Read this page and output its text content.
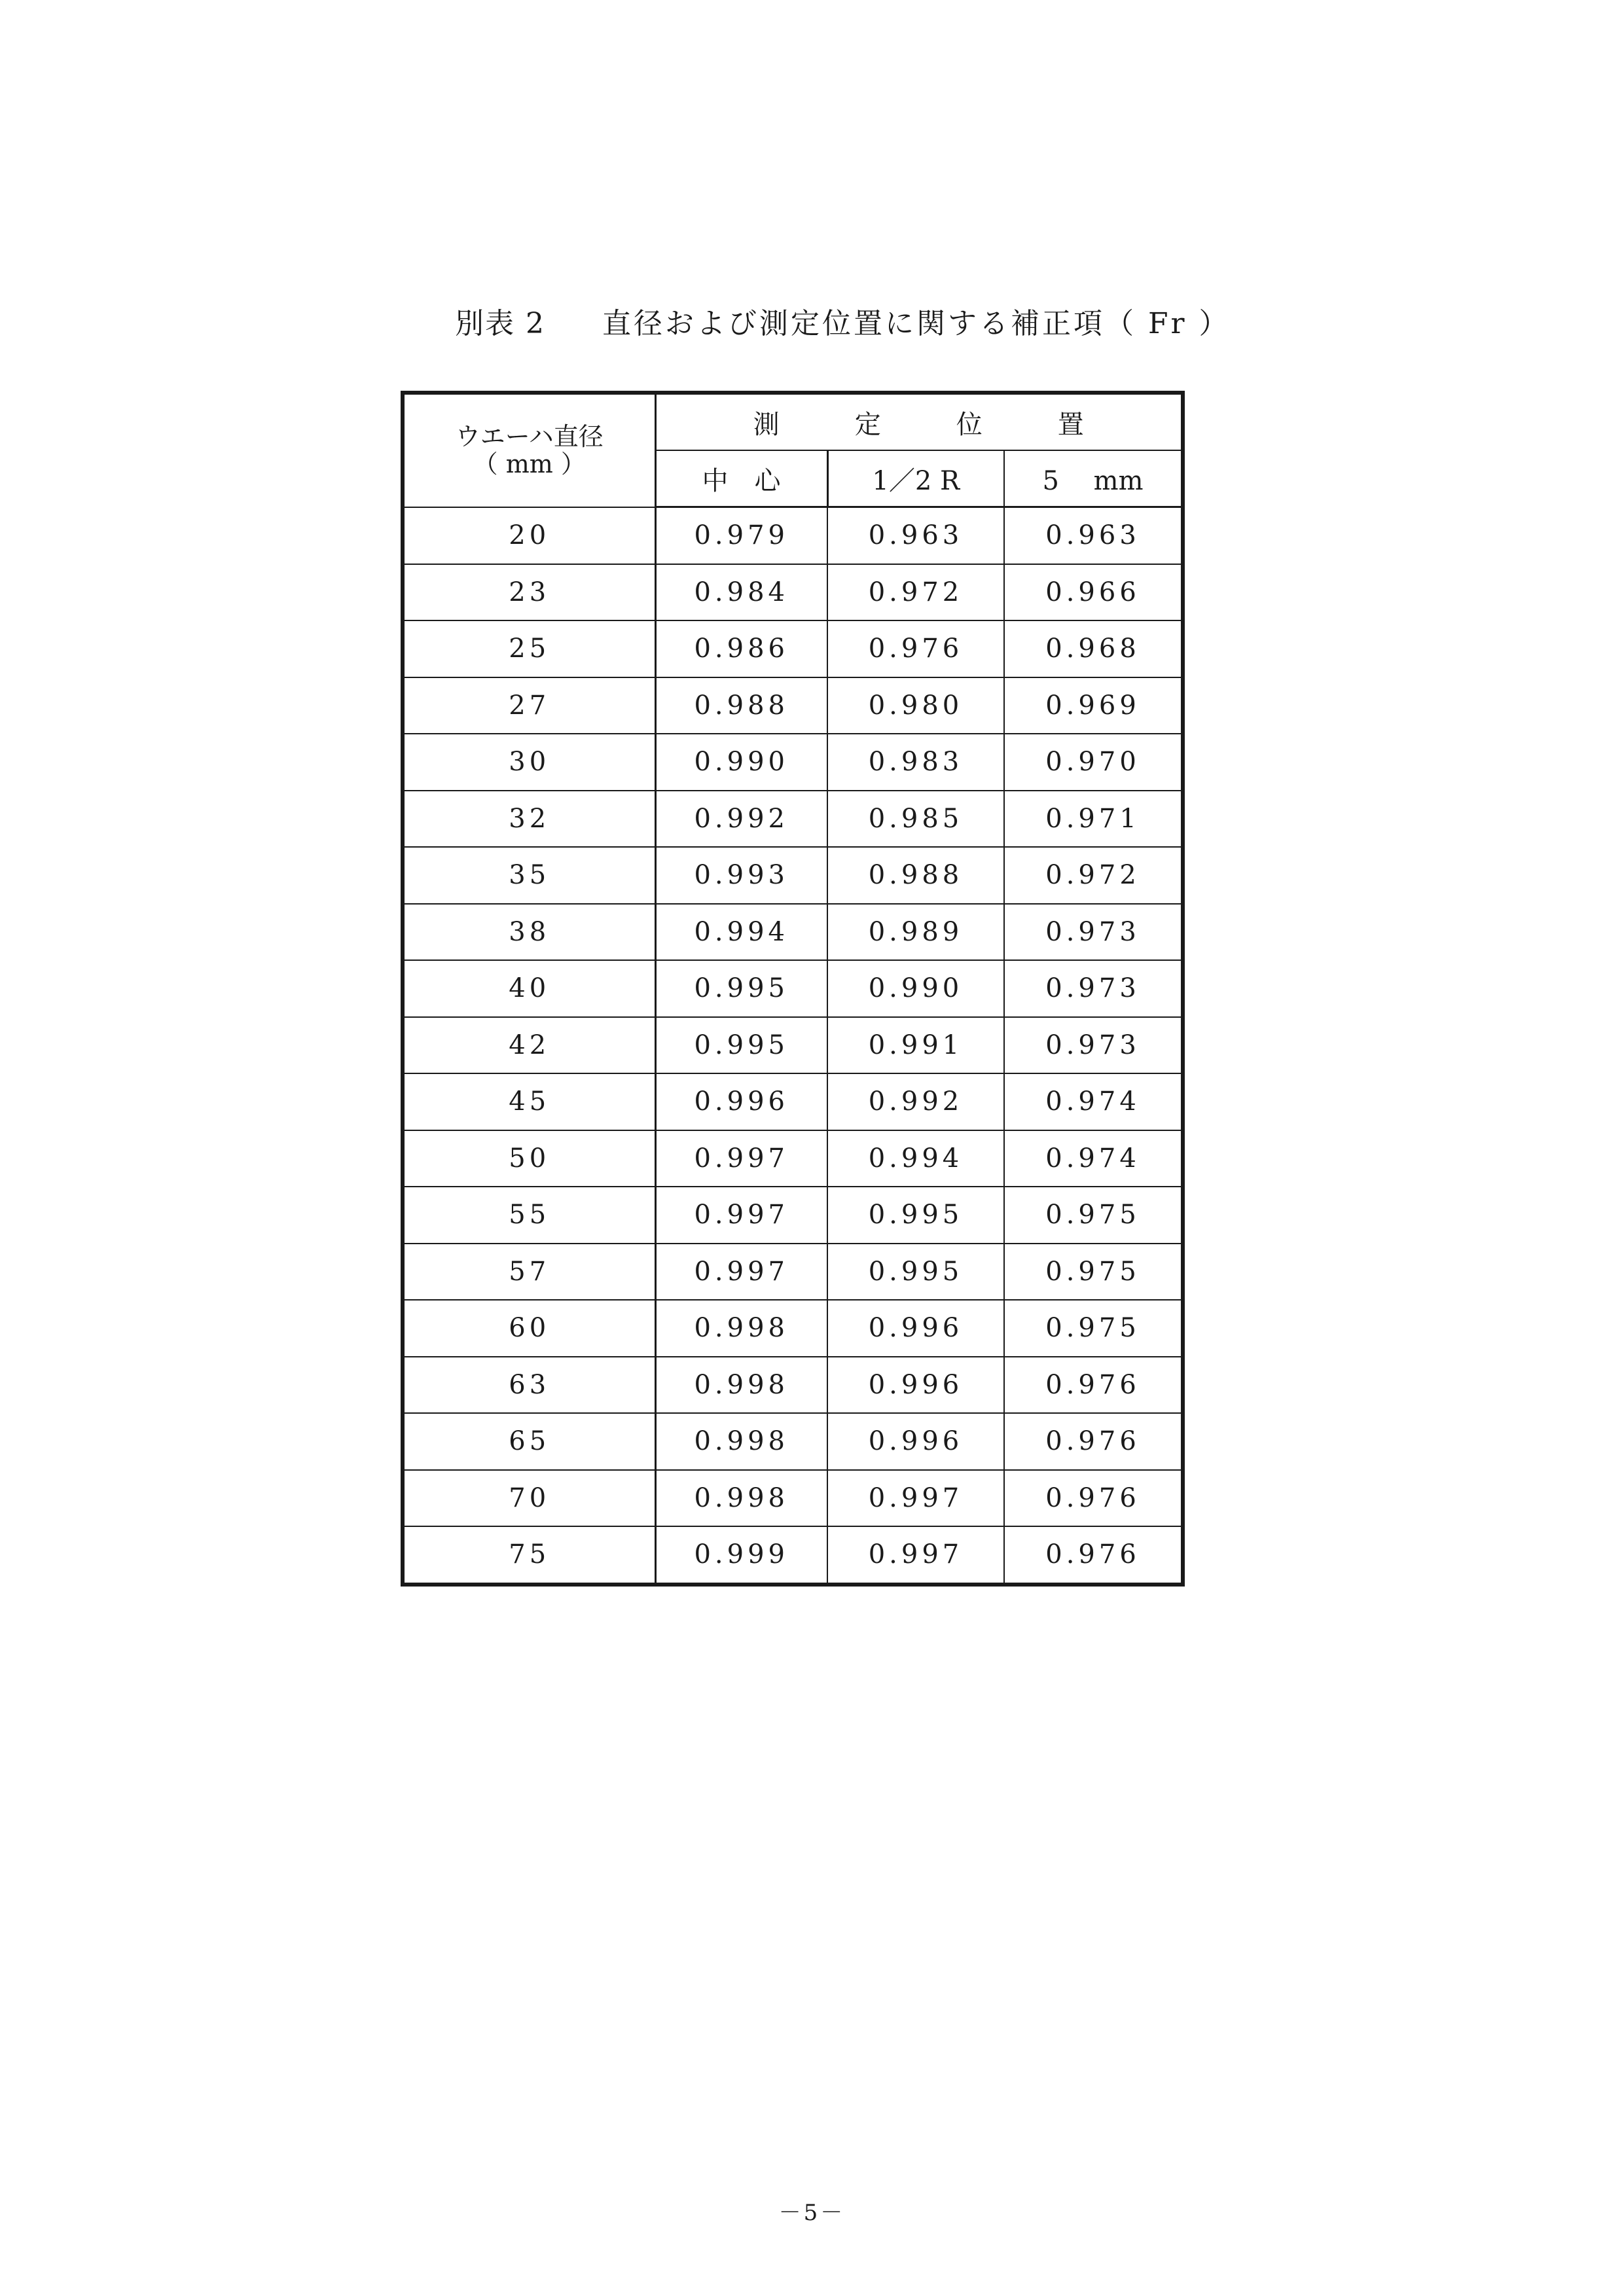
別表 2 直径および測定位置に関する補正項（ Fr ）
ウエーハ直径
（ mm ）	測 定 位 置		
	中　心	1／2 R	5　 mm
20	0.979	0.963	0.963
23	0.984	0.972	0.966
25	0.986	0.976	0.968
27	0.988	0.980	0.969
30	0.990	0.983	0.970
32	0.992	0.985	0.971
35	0.993	0.988	0.972
38	0.994	0.989	0.973
40	0.995	0.990	0.973
42	0.995	0.991	0.973
45	0.996	0.992	0.974
50	0.997	0.994	0.974
55	0.997	0.995	0.975
57	0.997	0.995	0.975
60	0.998	0.996	0.975
63	0.998	0.996	0.976
65	0.998	0.996	0.976
70	0.998	0.997	0.976
75	0.999	0.997	0.976
－5－
